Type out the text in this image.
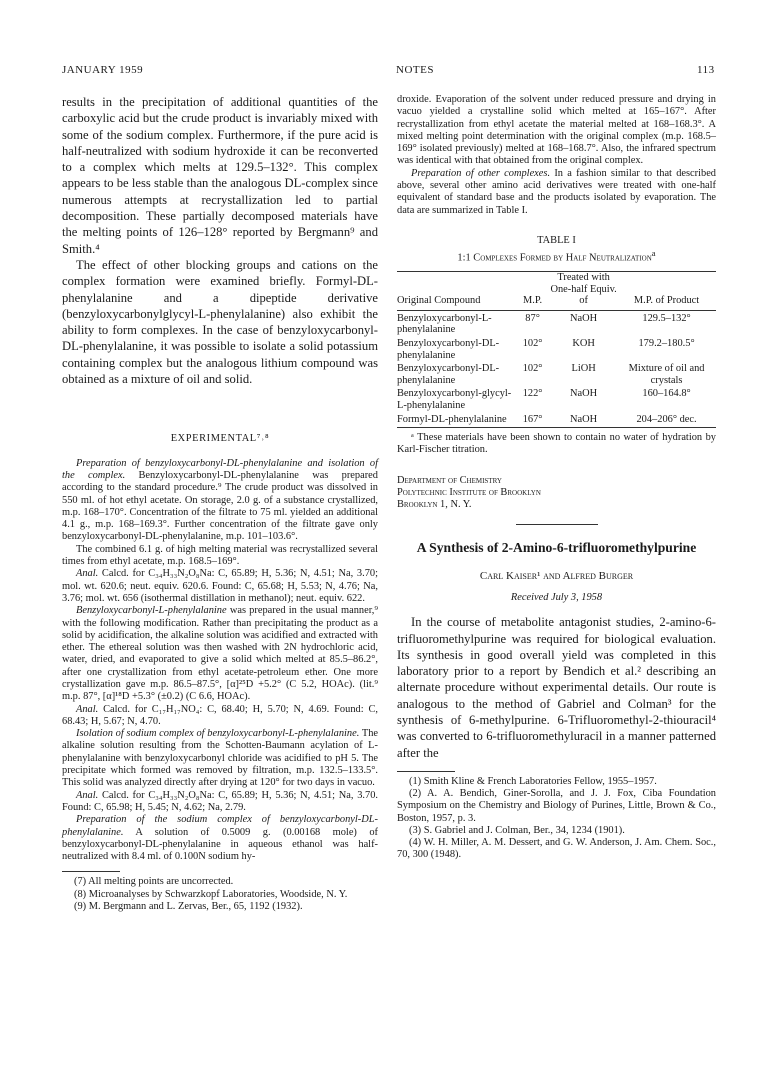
JANUARY 1959	NOTES	113

results in the precipitation of additional quantities of the carboxylic acid but the crude product is invariably mixed with some of the sodium complex. Furthermore, if the pure acid is half-neutralized with sodium hydroxide it can be reconverted to a complex which melts at 129.5–132°. This complex appears to be less stable than the analogous DL-complex since numerous attempts at recrystallization led to partial decomposition. These partially decomposed materials have the melting points of 126–128° reported by Bergmann⁹ and Smith.⁴

The effect of other blocking groups and cations on the complex formation were examined briefly. Formyl-DL-phenylalanine and a dipeptide derivative (benzyloxycarbonylglycyl-L-phenylalanine) also exhibit the ability to form complexes. In the case of benzyloxycarbonyl-DL-phenylalanine, it was possible to isolate a solid potassium containing complex but the analogous lithium compound was obtained as a mixture of oil and solid.

EXPERIMENTAL⁷˒⁸

Preparation of benzyloxycarbonyl-DL-phenylalanine and isolation of the complex. Benzyloxycarbonyl-DL-phenylalanine was prepared according to the standard procedure.⁹ The crude product was dissolved in 550 ml. of hot ethyl acetate. On storage, 2.0 g. of a substance crystallized, m.p. 168–170°. Concentration of the filtrate to 75 ml. yielded an additional 4.1 g., m.p. 168–169.3°. Further concentration of the filtrate gave only benzyloxycarbonyl-DL-phenylalanine, m.p. 101–103.6°.

The combined 6.1 g. of high melting material was recrystallized several times from ethyl acetate, m.p. 168.5–169°.

Anal. Calcd. for C₃₄H₃₃N₂O₈Na: C, 65.89; H, 5.36; N, 4.51; Na, 3.70; mol. wt. 620.6; neut. equiv. 620.6. Found: C, 65.68; H, 5.53; N, 4.76; Na, 3.76; mol. wt. 656 (isothermal distillation in methanol); neut. equiv. 622.

Benzyloxycarbonyl-L-phenylalanine was prepared in the usual manner,⁹ with the following modification. Rather than precipitating the product as a solid by acidification, the alkaline solution was acidified and extracted with ether. The ethereal solution was then washed with 2N hydrochloric acid, water, dried, and evaporated to give a solid which melted at 85.5–86.2°, after one crystallization from ethyl acetate-petroleum ether. One more crystallization gave m.p. 86.5–87.5°, [α]²⁵D +5.2° (C 5.2, HOAc). (lit.⁹ m.p. 87°, [α]¹⁸D +5.3° (±0.2) (C 6.6, HOAc).

Anal. Calcd. for C₁₇H₁₇NO₄: C, 68.40; H, 5.70; N, 4.69. Found: C, 68.43; H, 5.67; N, 4.70.

Isolation of sodium complex of benzyloxycarbonyl-L-phenylalanine. The alkaline solution resulting from the Schotten-Baumann acylation of L-phenylalanine with benzyloxycarbonyl chloride was acidified to pH 5. The precipitate which formed was removed by filtration, m.p. 132.5–133.5°. This solid was analyzed directly after drying at 120° for two days in vacuo.

Anal. Calcd. for C₃₄H₃₃N₂O₈Na: C, 65.89; H, 5.36; N, 4.51; Na, 3.70. Found: C, 65.98; H, 5.45; N, 4.62; Na, 2.79.

Preparation of the sodium complex of benzyloxycarbonyl-DL-phenylalanine. A solution of 0.5009 g. (0.00168 mole) of benzyloxycarbonyl-DL-phenylalanine in aqueous ethanol was half-neutralized with 8.4 ml. of 0.100N sodium hy-

(7) All melting points are uncorrected.

(8) Microanalyses by Schwarzkopf Laboratories, Woodside, N. Y.

(9) M. Bergmann and L. Zervas, Ber., 65, 1192 (1932).

droxide. Evaporation of the solvent under reduced pressure and drying in vacuo yielded a crystalline solid which melted at 165–167°. After recrystallization from ethyl acetate the material melted at 168–168.3°. A mixed melting point determination with the original complex (m.p. 168.5–169° isolated previously) melted at 168–168.7°. Also, the infrared spectrum was identical with that obtained from the original complex.

Preparation of other complexes. In a fashion similar to that described above, several other amino acid derivatives were treated with one-half equivalent of standard base and the products isolated by evaporation. The data are summarized in Table I.

TABLE I

1:1 Complexes Formed by Half Neutralization$^a$

Original Compound	M.P.	Treated with One-half Equiv. of	M.P. of Product
Benzyloxycarbonyl-L-phenylalanine	87°	NaOH	129.5–132°
Benzyloxycarbonyl-DL-phenylalanine	102°	KOH	179.2–180.5°
Benzyloxycarbonyl-DL-phenylalanine	102°	LiOH	Mixture of oil and crystals
Benzyloxycarbonyl-glycyl-L-phenylalanine	122°	NaOH	160–164.8°
Formyl-DL-phenylalanine	167°	NaOH	204–206° dec.

ᵃ These materials have been shown to contain no water of hydration by Karl-Fischer titration.

Department of Chemistry

Polytechnic Institute of Brooklyn

Brooklyn 1, N. Y.

A Synthesis of 2-Amino-6-trifluoromethylpurine

Carl Kaiser¹ and Alfred Burger

Received July 3, 1958

In the course of metabolite antagonist studies, 2-amino-6-trifluoromethylpurine was required for biological evaluation. Its synthesis in good overall yield was completed in this laboratory prior to a report by Bendich et al.² describing an alternate procedure without experimental details. Our route is analogous to the method of Gabriel and Colman³ for the synthesis of 6-methylpurine. 6-Trifluoromethyl-2-thiouracil⁴ was converted to 6-trifluoromethyluracil in a manner patterned after the

(1) Smith Kline & French Laboratories Fellow, 1955–1957.

(2) A. A. Bendich, Giner-Sorolla, and J. J. Fox, Ciba Foundation Symposium on the Chemistry and Biology of Purines, Little, Brown & Co., Boston, 1957, p. 3.

(3) S. Gabriel and J. Colman, Ber., 34, 1234 (1901).

(4) W. H. Miller, A. M. Dessert, and G. W. Anderson, J. Am. Chem. Soc., 70, 300 (1948).
